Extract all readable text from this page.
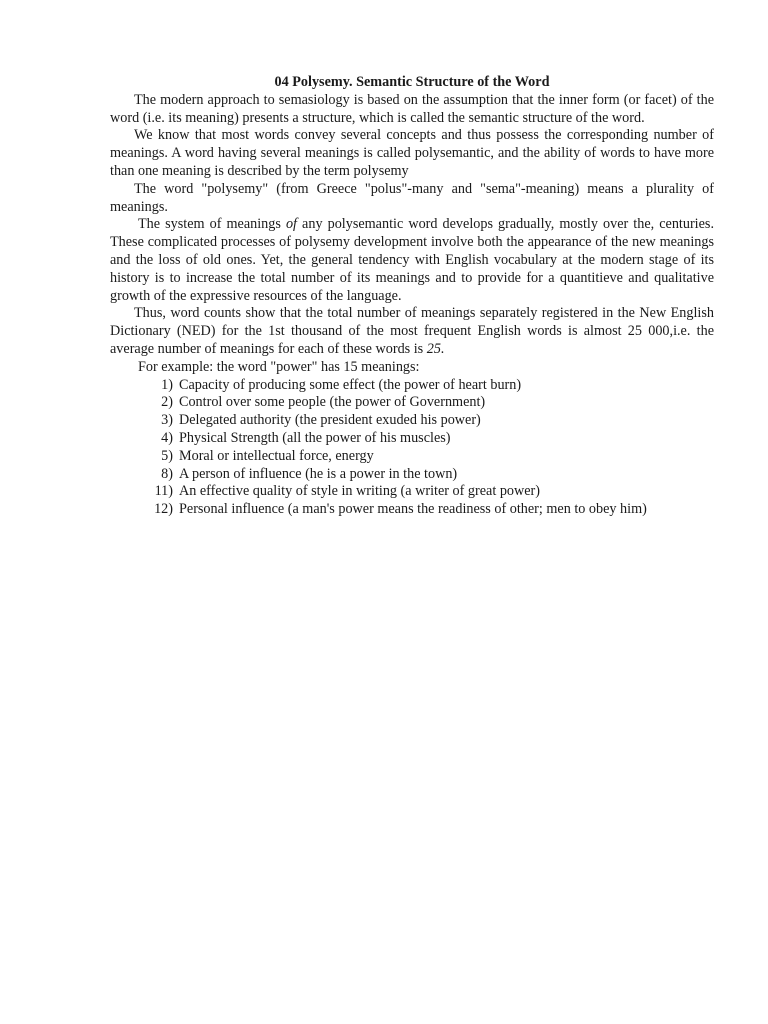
04 Polysemy. Semantic Structure of the Word

The modern approach to semasiology is based on the assumption that the inner form (or facet) of the word (i.e. its meaning) presents a structure, which is called the semantic structure of the word.

We know that most words convey several concepts and thus possess the corresponding number of meanings. A word having several meanings is called polysemantic, and the ability of words to have more than one meaning is described by the term polysemy

The word "polysemy" (from Greece "polus"-many and "sema"-meaning) means a plurality of meanings.

The system of meanings of any polysemantic word develops gradually, mostly over the, centuries. These complicated processes of polysemy development involve both the appearance of the new meanings and the loss of old ones. Yet, the general tendency with English vocabulary at the modern stage of its history is to increase the total number of its meanings and to provide for a quantitieve and qualitative growth of the expressive resources of the language.

Thus, word counts show that the total number of meanings separately registered in the New English Dictionary (NED) for the 1st thousand of the most frequent English words is almost 25 000,i.e. the average number of meanings for each of these words is 25.

For example: the word "power" has 15 meanings:

1) Capacity of producing some effect (the power of heart burn)
2) Control over some people (the power of Government)
3) Delegated authority (the president exuded his power)
4) Physical Strength (all the power of his muscles)
5) Moral or intellectual force, energy
8) A person of influence (he is a power in the town)
11) An effective quality of style in writing (a writer of great power)
12) Personal influence (a man's power means the readiness of other; men to obey him)
